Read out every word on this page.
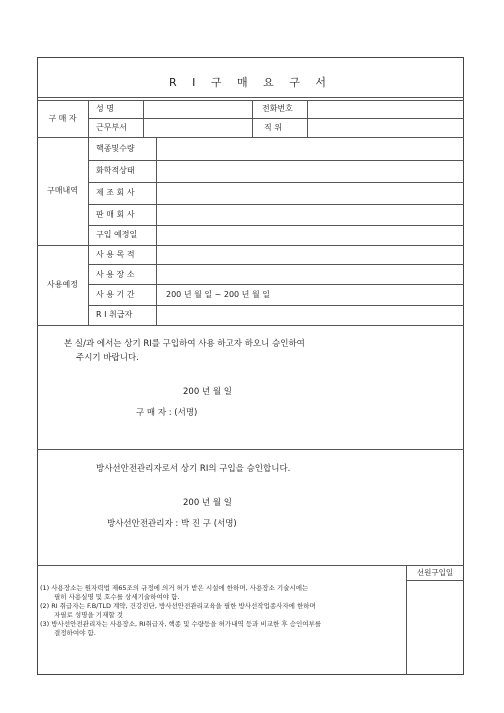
R I 구 매 요 구 서
선원구입일
구 매 자
성 명	전화번호
근무부서	직 위
구매내역
핵종및수량
화학적상태
제 조 회 사
판 매 회 사
구입 예정일
사용예정
사 용 목 적
사 용 장 소
사 용 기 간
R I 취급자
200 년 월 일 ~ 200 년 월 일
본 실/과 에서는 상기 RI를 구입하여 사용 하고자 하오니 승인하여
주시기 바랍니다.
200 년 월 일
구 매 자 : (서명)
방사선안전관리자로서 상기 RI의 구입을 승인합니다.
200 년 월 일
방사선안전관리자 : 박 진 구 (서명)
(1) 사용장소는 원자력법 제65조의 규정에 의거 허가 받은 시설에 한하며, 사용장소 기술시에는
필히 사용실명 및 호수를 상세기술하여야 함.
(2) RI 취급자는 F.B/TLD 계약, 건강진단, 방사선안전관리교육을 필한 방사선작업종사자에 한하며
자필로 성명을 기재할 것
(3) 방사선안전관리자는 사용장소, RI취급자, 핵종 및 수량등을 허가내역 등과 비교한 후 승인여부를
결정하여야 함.
